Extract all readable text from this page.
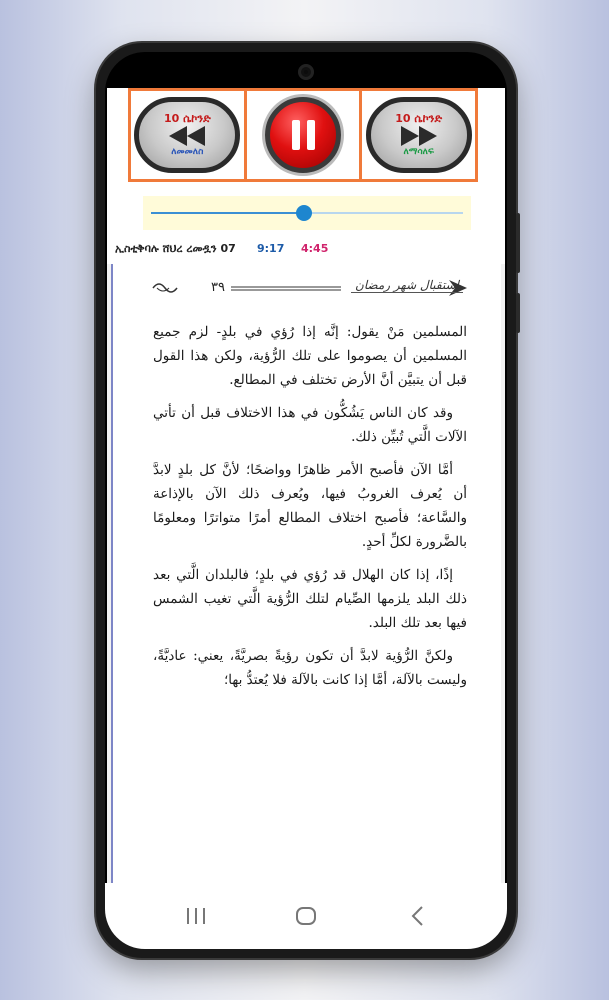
10 ሴኮንድ
ለመመለስ
10 ሴኮንድ
ለማሳለፍ
ኢስቲቅባሉ ሸህረ ረመዷን 07 9:17 4:45
٣٩	استقبال شهر رمضان

المسلمين مَنْ يقول: إنَّه إذا رُؤي في بلدٍ- لزم جميع المسلمين أن يصوموا على تلك الرُّؤية، ولكن هذا القول قبل أن يتبيَّن أنَّ الأرض تختلف في المطالع.

وقد كان الناس يَشُكُّون في هذا الاختلاف قبل أن تأتي الآلات الَّتي تُبيِّن ذلك.

أمَّا الآن فأصبح الأمر ظاهرًا وواضحًا؛ لأنَّ كل بلدٍ لابدَّ أن يُعرف الغروبُ فيها، ويُعرف ذلك الآن بالإذاعة والسَّاعة؛ فأصبح اختلاف المطالع أمرًا متواترًا ومعلومًا بالضَّرورة لكلِّ أحدٍ.

إذًا، إذا كان الهلال قد رُؤي في بلدٍ؛ فالبلدان الَّتي بعد ذلك البلد يلزمها الصِّيام لتلك الرُّؤية الَّتي تغيب الشمس فيها بعد تلك البلد.

ولكنَّ الرُّؤية لابدَّ أن تكون رؤيةً بصريَّةً، يعني: عاديَّةً، وليست بالآلة، أمَّا إذا كانت بالآلة فلا يُعتدُّ بها؛
